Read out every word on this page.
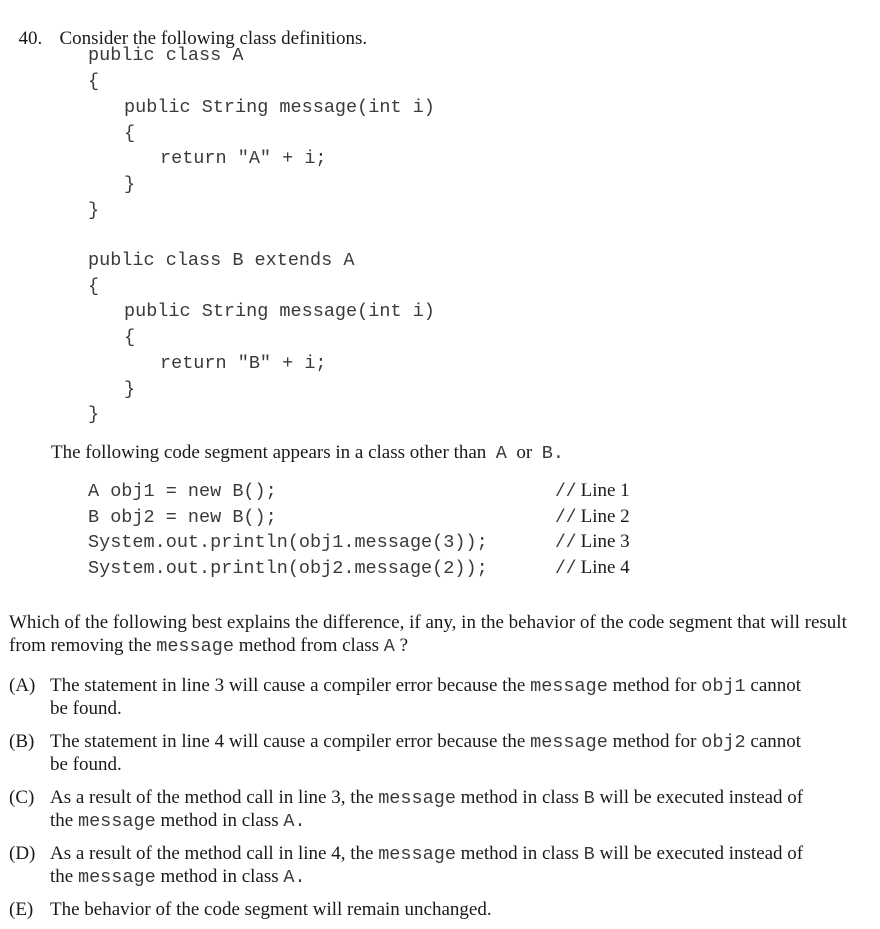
40. Consider the following class definitions.

public class A
{
public String message(int i)
{
return "A" + i;
}
}
public class B extends A
{
public String message(int i)
{
return "B" + i;
}
}
The following code segment appears in a class other than A or B.
A obj1 = new B();	// Line 1
B obj2 = new B();	// Line 2
System.out.println(obj1.message(3));	// Line 3
System.out.println(obj2.message(2));	// Line 4
Which of the following best explains the difference, if any, in the behavior of the code segment that will result
from removing the message method from class A ?
(A) The statement in line 3 will cause a compiler error because the message method for obj1 cannot
be found.
(B) The statement in line 4 will cause a compiler error because the message method for obj2 cannot
be found.
(C) As a result of the method call in line 3, the message method in class B will be executed instead of
the message method in class A.
(D) As a result of the method call in line 4, the message method in class B will be executed instead of
the message method in class A.
(E) The behavior of the code segment will remain unchanged.
